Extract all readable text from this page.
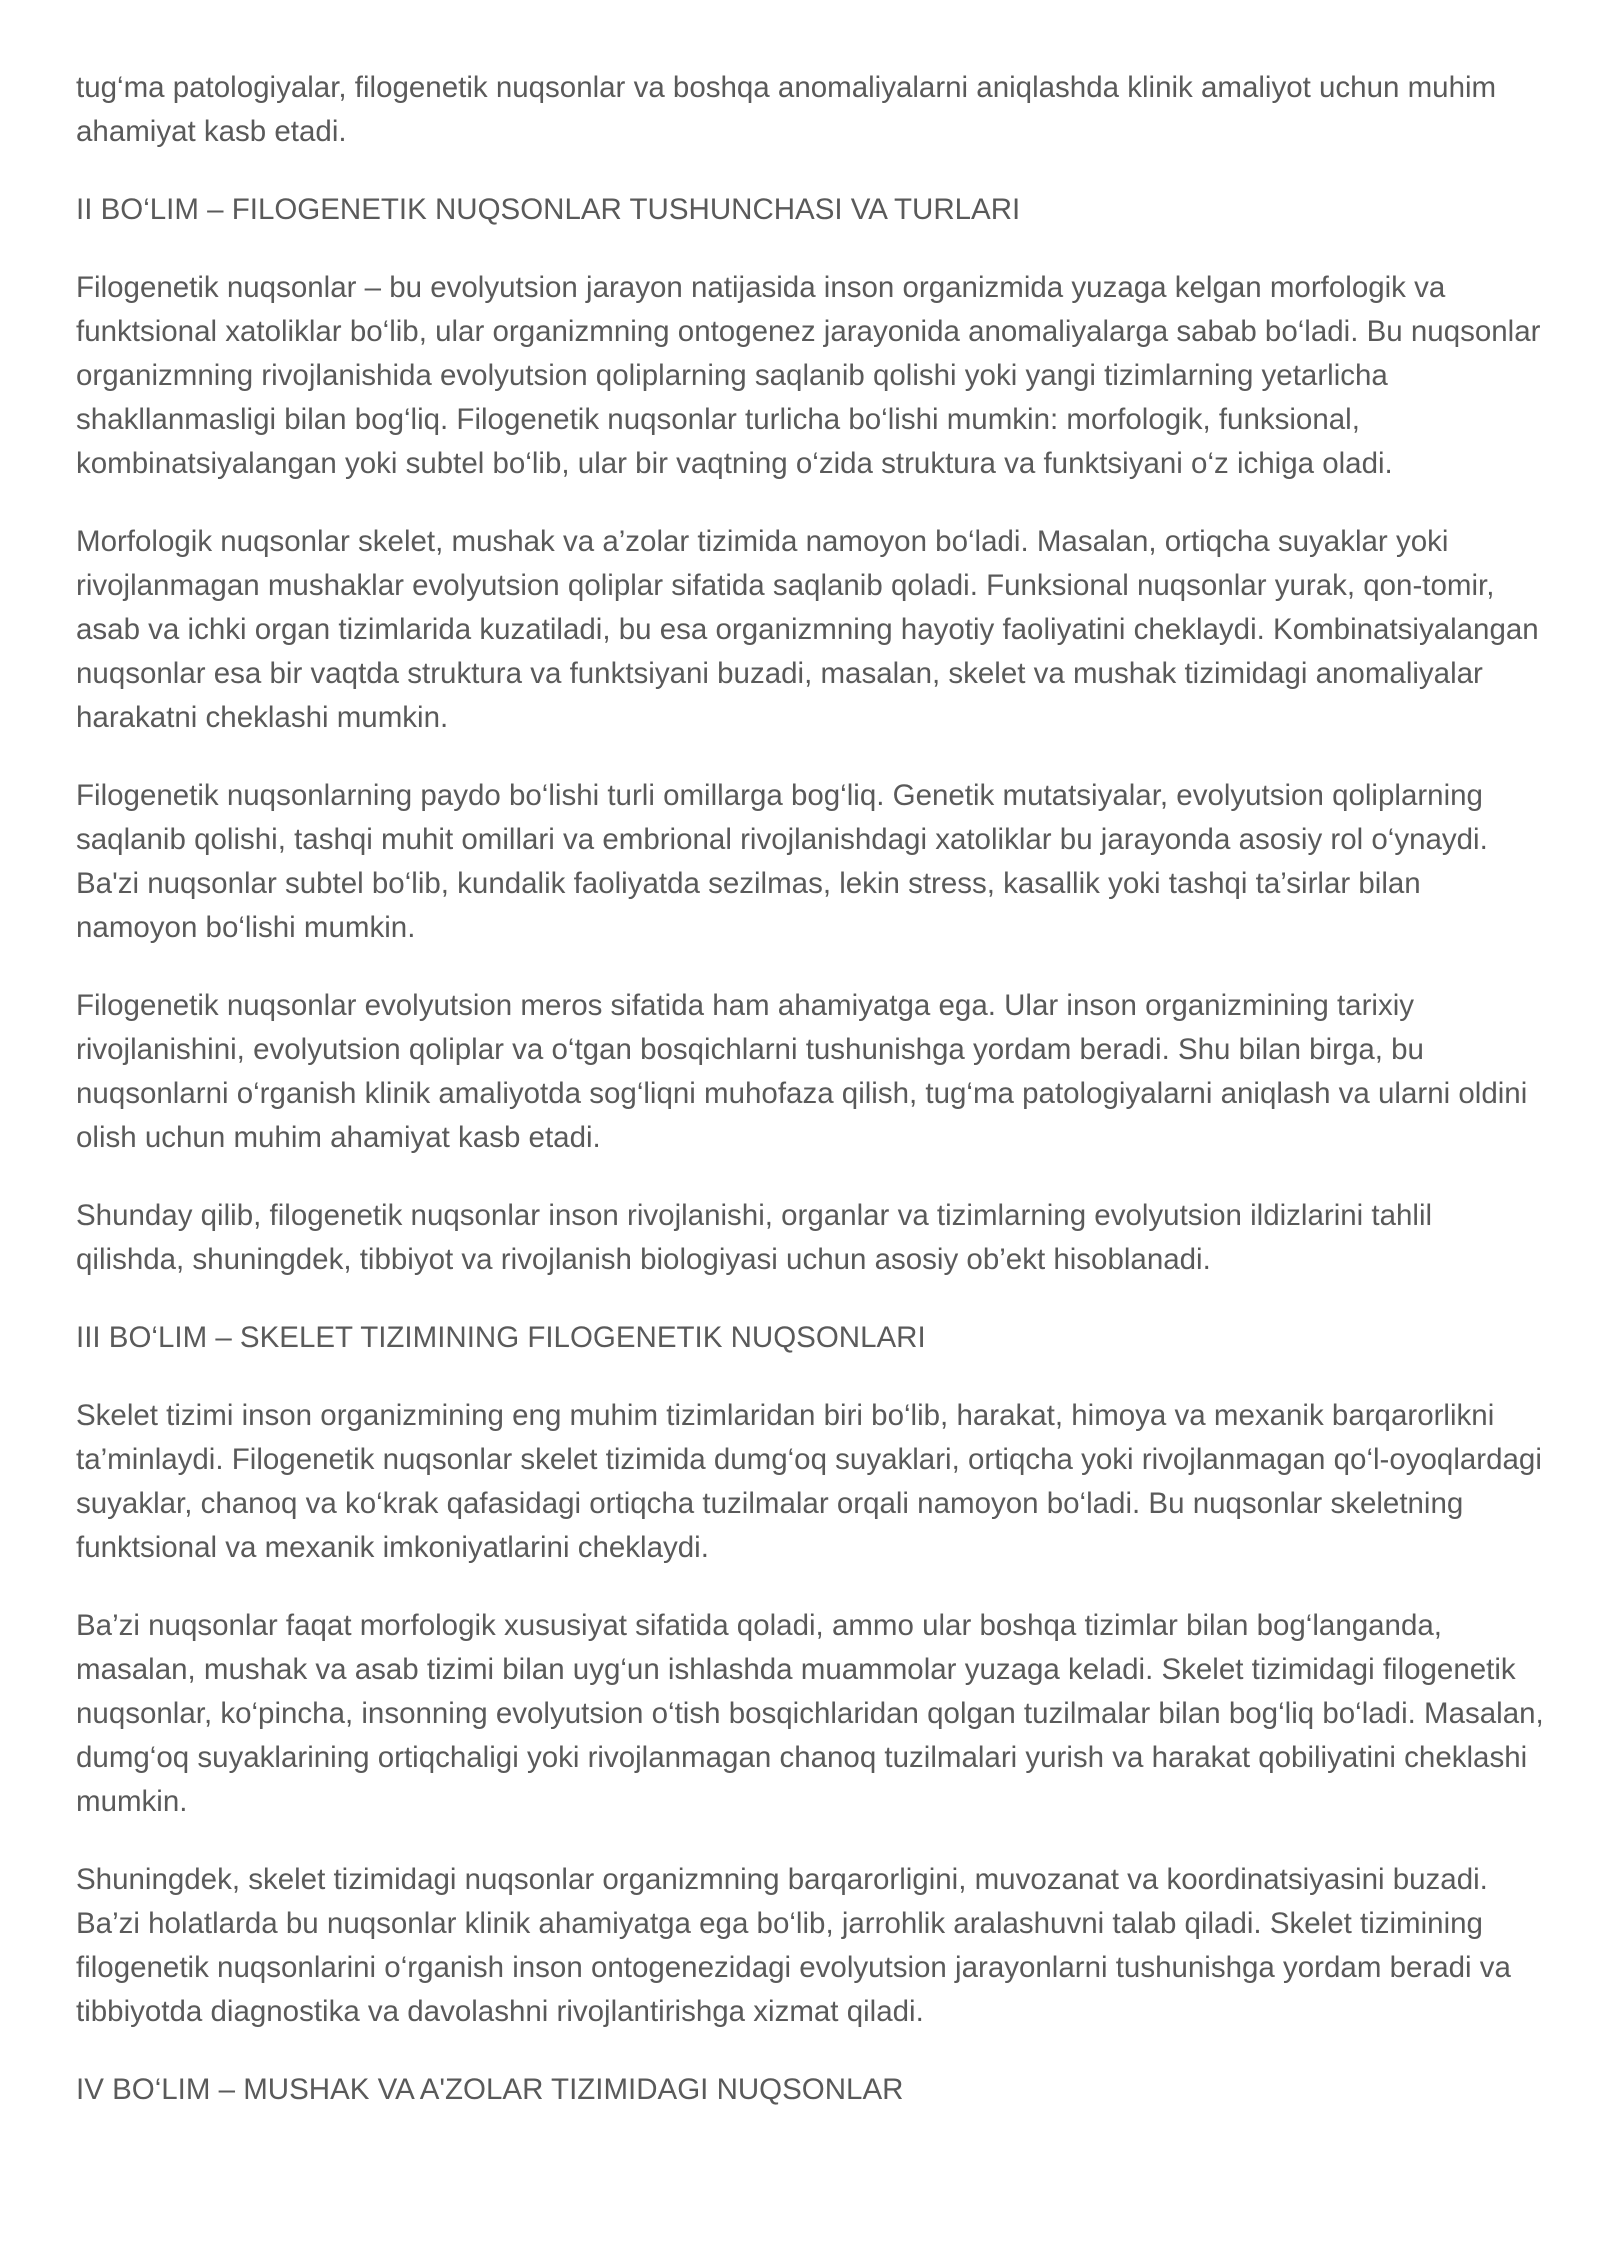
tug‘ma patologiyalar, filogenetik nuqsonlar va boshqa anomaliyalarni aniqlashda klinik amaliyot uchun muhim ahamiyat kasb etadi.

II BO‘LIM – FILOGENETIK NUQSONLAR TUSHUNCHASI VA TURLARI

Filogenetik nuqsonlar – bu evolyutsion jarayon natijasida inson organizmida yuzaga kelgan morfologik va funktsional xatoliklar bo‘lib, ular organizmning ontogenez jarayonida anomaliyalarga sabab bo‘ladi. Bu nuqsonlar organizmning rivojlanishida evolyutsion qoliplarning saqlanib qolishi yoki yangi tizimlarning yetarlicha shakllanmasligi bilan bog‘liq. Filogenetik nuqsonlar turlicha bo‘lishi mumkin: morfologik, funksional, kombinatsiyalangan yoki subtel bo‘lib, ular bir vaqtning o‘zida struktura va funktsiyani o‘z ichiga oladi.

Morfologik nuqsonlar skelet, mushak va a’zolar tizimida namoyon bo‘ladi. Masalan, ortiqcha suyaklar yoki rivojlanmagan mushaklar evolyutsion qoliplar sifatida saqlanib qoladi. Funksional nuqsonlar yurak, qon-tomir, asab va ichki organ tizimlarida kuzatiladi, bu esa organizmning hayotiy faoliyatini cheklaydi. Kombinatsiyalangan nuqsonlar esa bir vaqtda struktura va funktsiyani buzadi, masalan, skelet va mushak tizimidagi anomaliyalar harakatni cheklashi mumkin.

Filogenetik nuqsonlarning paydo bo‘lishi turli omillarga bog‘liq. Genetik mutatsiyalar, evolyutsion qoliplarning saqlanib qolishi, tashqi muhit omillari va embrional rivojlanishdagi xatoliklar bu jarayonda asosiy rol o‘ynaydi. Ba'zi nuqsonlar subtel bo‘lib, kundalik faoliyatda sezilmas, lekin stress, kasallik yoki tashqi ta’sirlar bilan namoyon bo‘lishi mumkin.

Filogenetik nuqsonlar evolyutsion meros sifatida ham ahamiyatga ega. Ular inson organizmining tarixiy rivojlanishini, evolyutsion qoliplar va o‘tgan bosqichlarni tushunishga yordam beradi. Shu bilan birga, bu nuqsonlarni o‘rganish klinik amaliyotda sog‘liqni muhofaza qilish, tug‘ma patologiyalarni aniqlash va ularni oldini olish uchun muhim ahamiyat kasb etadi.

Shunday qilib, filogenetik nuqsonlar inson rivojlanishi, organlar va tizimlarning evolyutsion ildizlarini tahlil qilishda, shuningdek, tibbiyot va rivojlanish biologiyasi uchun asosiy ob’ekt hisoblanadi.

III BO‘LIM – SKELET TIZIMINING FILOGENETIK NUQSONLARI

Skelet tizimi inson organizmining eng muhim tizimlaridan biri bo‘lib, harakat, himoya va mexanik barqarorlikni ta’minlaydi. Filogenetik nuqsonlar skelet tizimida dumg‘oq suyaklari, ortiqcha yoki rivojlanmagan qo‘l-oyoqlardagi suyaklar, chanoq va ko‘krak qafasidagi ortiqcha tuzilmalar orqali namoyon bo‘ladi. Bu nuqsonlar skeletning funktsional va mexanik imkoniyatlarini cheklaydi.

Ba’zi nuqsonlar faqat morfologik xususiyat sifatida qoladi, ammo ular boshqa tizimlar bilan bog‘langanda, masalan, mushak va asab tizimi bilan uyg‘un ishlashda muammolar yuzaga keladi. Skelet tizimidagi filogenetik nuqsonlar, ko‘pincha, insonning evolyutsion o‘tish bosqichlaridan qolgan tuzilmalar bilan bog‘liq bo‘ladi. Masalan, dumg‘oq suyaklarining ortiqchaligi yoki rivojlanmagan chanoq tuzilmalari yurish va harakat qobiliyatini cheklashi mumkin.

Shuningdek, skelet tizimidagi nuqsonlar organizmning barqarorligini, muvozanat va koordinatsiyasini buzadi. Ba’zi holatlarda bu nuqsonlar klinik ahamiyatga ega bo‘lib, jarrohlik aralashuvni talab qiladi. Skelet tizimining filogenetik nuqsonlarini o‘rganish inson ontogenezidagi evolyutsion jarayonlarni tushunishga yordam beradi va tibbiyotda diagnostika va davolashni rivojlantirishga xizmat qiladi.

IV BO‘LIM – MUSHAK VA A'ZOLAR TIZIMIDAGI NUQSONLAR
